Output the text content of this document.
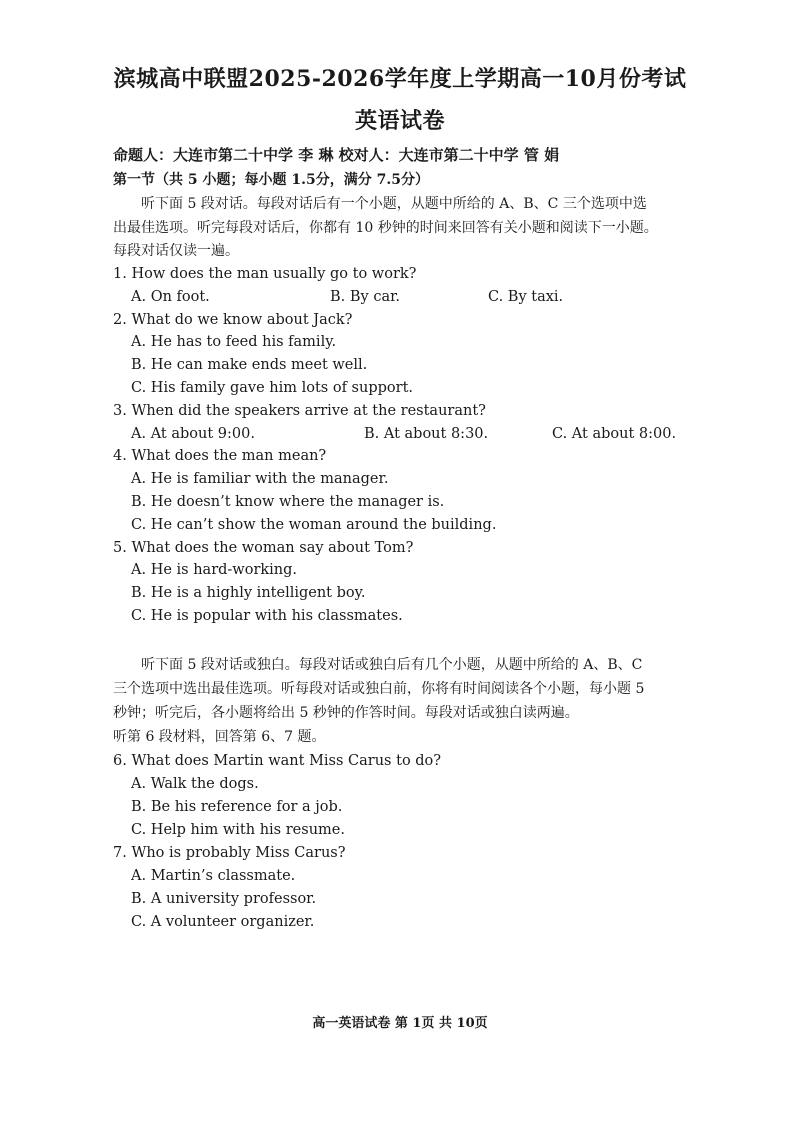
滨城高中联盟2025-2026学年度上学期高一10月份考试
英语试卷
命题人：大连市第二十中学 李 琳 校对人：大连市第二十中学 管 娟
第一节（共 5 小题；每小题 1.5分，满分 7.5分）
听下面 5 段对话。每段对话后有一个小题，从题中所给的 A、B、C 三个选项中选
出最佳选项。听完每段对话后，你都有 10 秒钟的时间来回答有关小题和阅读下一小题。
每段对话仅读一遍。
1. How does the man usually go to work?
A. On foot.	B. By car.	C. By taxi.
2. What do we know about Jack?
A. He has to feed his family.
B. He can make ends meet well.
C. His family gave him lots of support.
3. When did the speakers arrive at the restaurant?
A. At about 9:00.	B. At about 8:30.	C. At about 8:00.
4. What does the man mean?
A. He is familiar with the manager.
B. He doesn’t know where the manager is.
C. He can’t show the woman around the building.
5. What does the woman say about Tom?
A. He is hard-working.
B. He is a highly intelligent boy.
C. He is popular with his classmates.
听下面 5 段对话或独白。每段对话或独白后有几个小题，从题中所给的 A、B、C
三个选项中选出最佳选项。听每段对话或独白前，你将有时间阅读各个小题，每小题 5
秒钟；听完后，各小题将给出 5 秒钟的作答时间。每段对话或独白读两遍。
听第 6 段材料，回答第 6、7 题。
6. What does Martin want Miss Carus to do?
A. Walk the dogs.
B. Be his reference for a job.
C. Help him with his resume.
7. Who is probably Miss Carus?
A. Martin’s classmate.
B. A university professor.
C. A volunteer organizer.
高一英语试卷 第 1页 共 10页
